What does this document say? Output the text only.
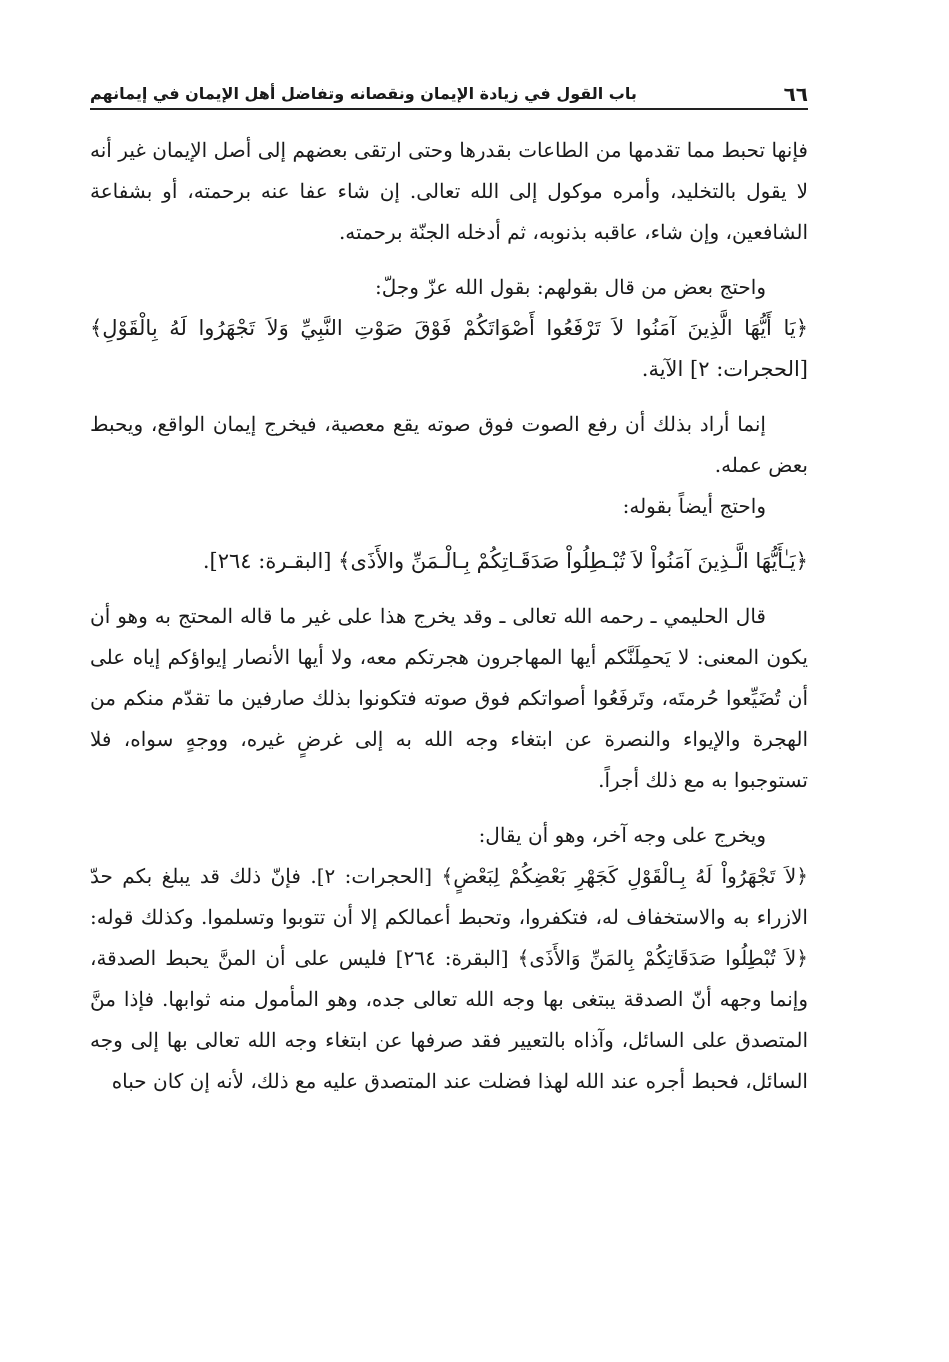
٦٦
باب القول في زيادة الإيمان ونقصانه وتفاضل أهل الإيمان في إيمانهم

فإنها تحبط مما تقدمها من الطاعات بقدرها وحتى ارتقى بعضهم إلى أصل الإيمان غير أنه لا يقول بالتخليد، وأمره موكول إلى الله تعالى. إن شاء عفا عنه برحمته، أو بشفاعة الشافعين، وإن شاء، عاقبه بذنوبه، ثم أدخله الجنّة برحمته.

واحتج بعض من قال بقولهم: بقول الله عزّ وجلّ:

﴿يَا أَيُّهَا الَّذِينَ آمَنُوا لاَ تَرْفَعُوا أَصْوَاتَكُمْ فَوْقَ صَوْتِ النَّبِيِّ وَلاَ تَجْهَرُوا لَهُ بِالْقَوْلِ﴾ [الحجرات: ٢] الآية.

إنما أراد بذلك أن رفع الصوت فوق صوته يقع معصية، فيخرج إيمان الواقع، ويحبط بعض عمله.

واحتج أيضاً بقوله:

﴿يَـٰأَيُّهَا الَّـذِينَ آمَنُواْ لاَ تُبْـطِلُواْ صَدَقَـاتِكُمْ بِـالْـمَنِّ والأَذَى﴾ [البقـرة: ٢٦٤].

قال الحليمي ـ رحمه الله تعالى ـ وقد يخرج هذا على غير ما قاله المحتج به وهو أن يكون المعنى: لا يَحمِلَنَّكم أيها المهاجرون هجرتكم معه، ولا أيها الأنصار إيواؤكم إياه على أن تُضَيِّعوا حُرمتَه، وتَرفَعُوا أصواتكم فوق صوته فتكونوا بذلك صارفين ما تقدّم منكم من الهجرة والإيواء والنصرة عن ابتغاء وجه الله به إلى غرضٍ غيره، ووجهٍ سواه، فلا تستوجبوا به مع ذلك أجراً.

ويخرج على وجه آخر، وهو أن يقال:

﴿لاَ تَجْهَرُواْ لَهُ بِـالْقَوْلِ كَجَهْرِ بَعْضِكُمْ لِبَعْضٍ﴾ [الحجرات: ٢]. فإنّ ذلك قد يبلغ بكم حدّ الازراء به والاستخفاف له، فتكفروا، وتحبط أعمالكم إلا أن تتوبوا وتسلموا. وكذلك قوله: ﴿لاَ تُبْطِلُوا صَدَقَاتِكُمْ بِالمَنِّ وَالأَذَى﴾ [البقرة: ٢٦٤] فليس على أن المنَّ يحبط الصدقة، وإنما وجهه أنّ الصدقة يبتغى بها وجه الله تعالى جده، وهو المأمول منه ثوابها. فإذا منَّ المتصدق على السائل، وآذاه بالتعيير فقد صرفها عن ابتغاء وجه الله تعالى بها إلى وجه السائل، فحبط أجره عند الله لهذا فضلت عند المتصدق عليه مع ذلك، لأنه إن كان حباه
